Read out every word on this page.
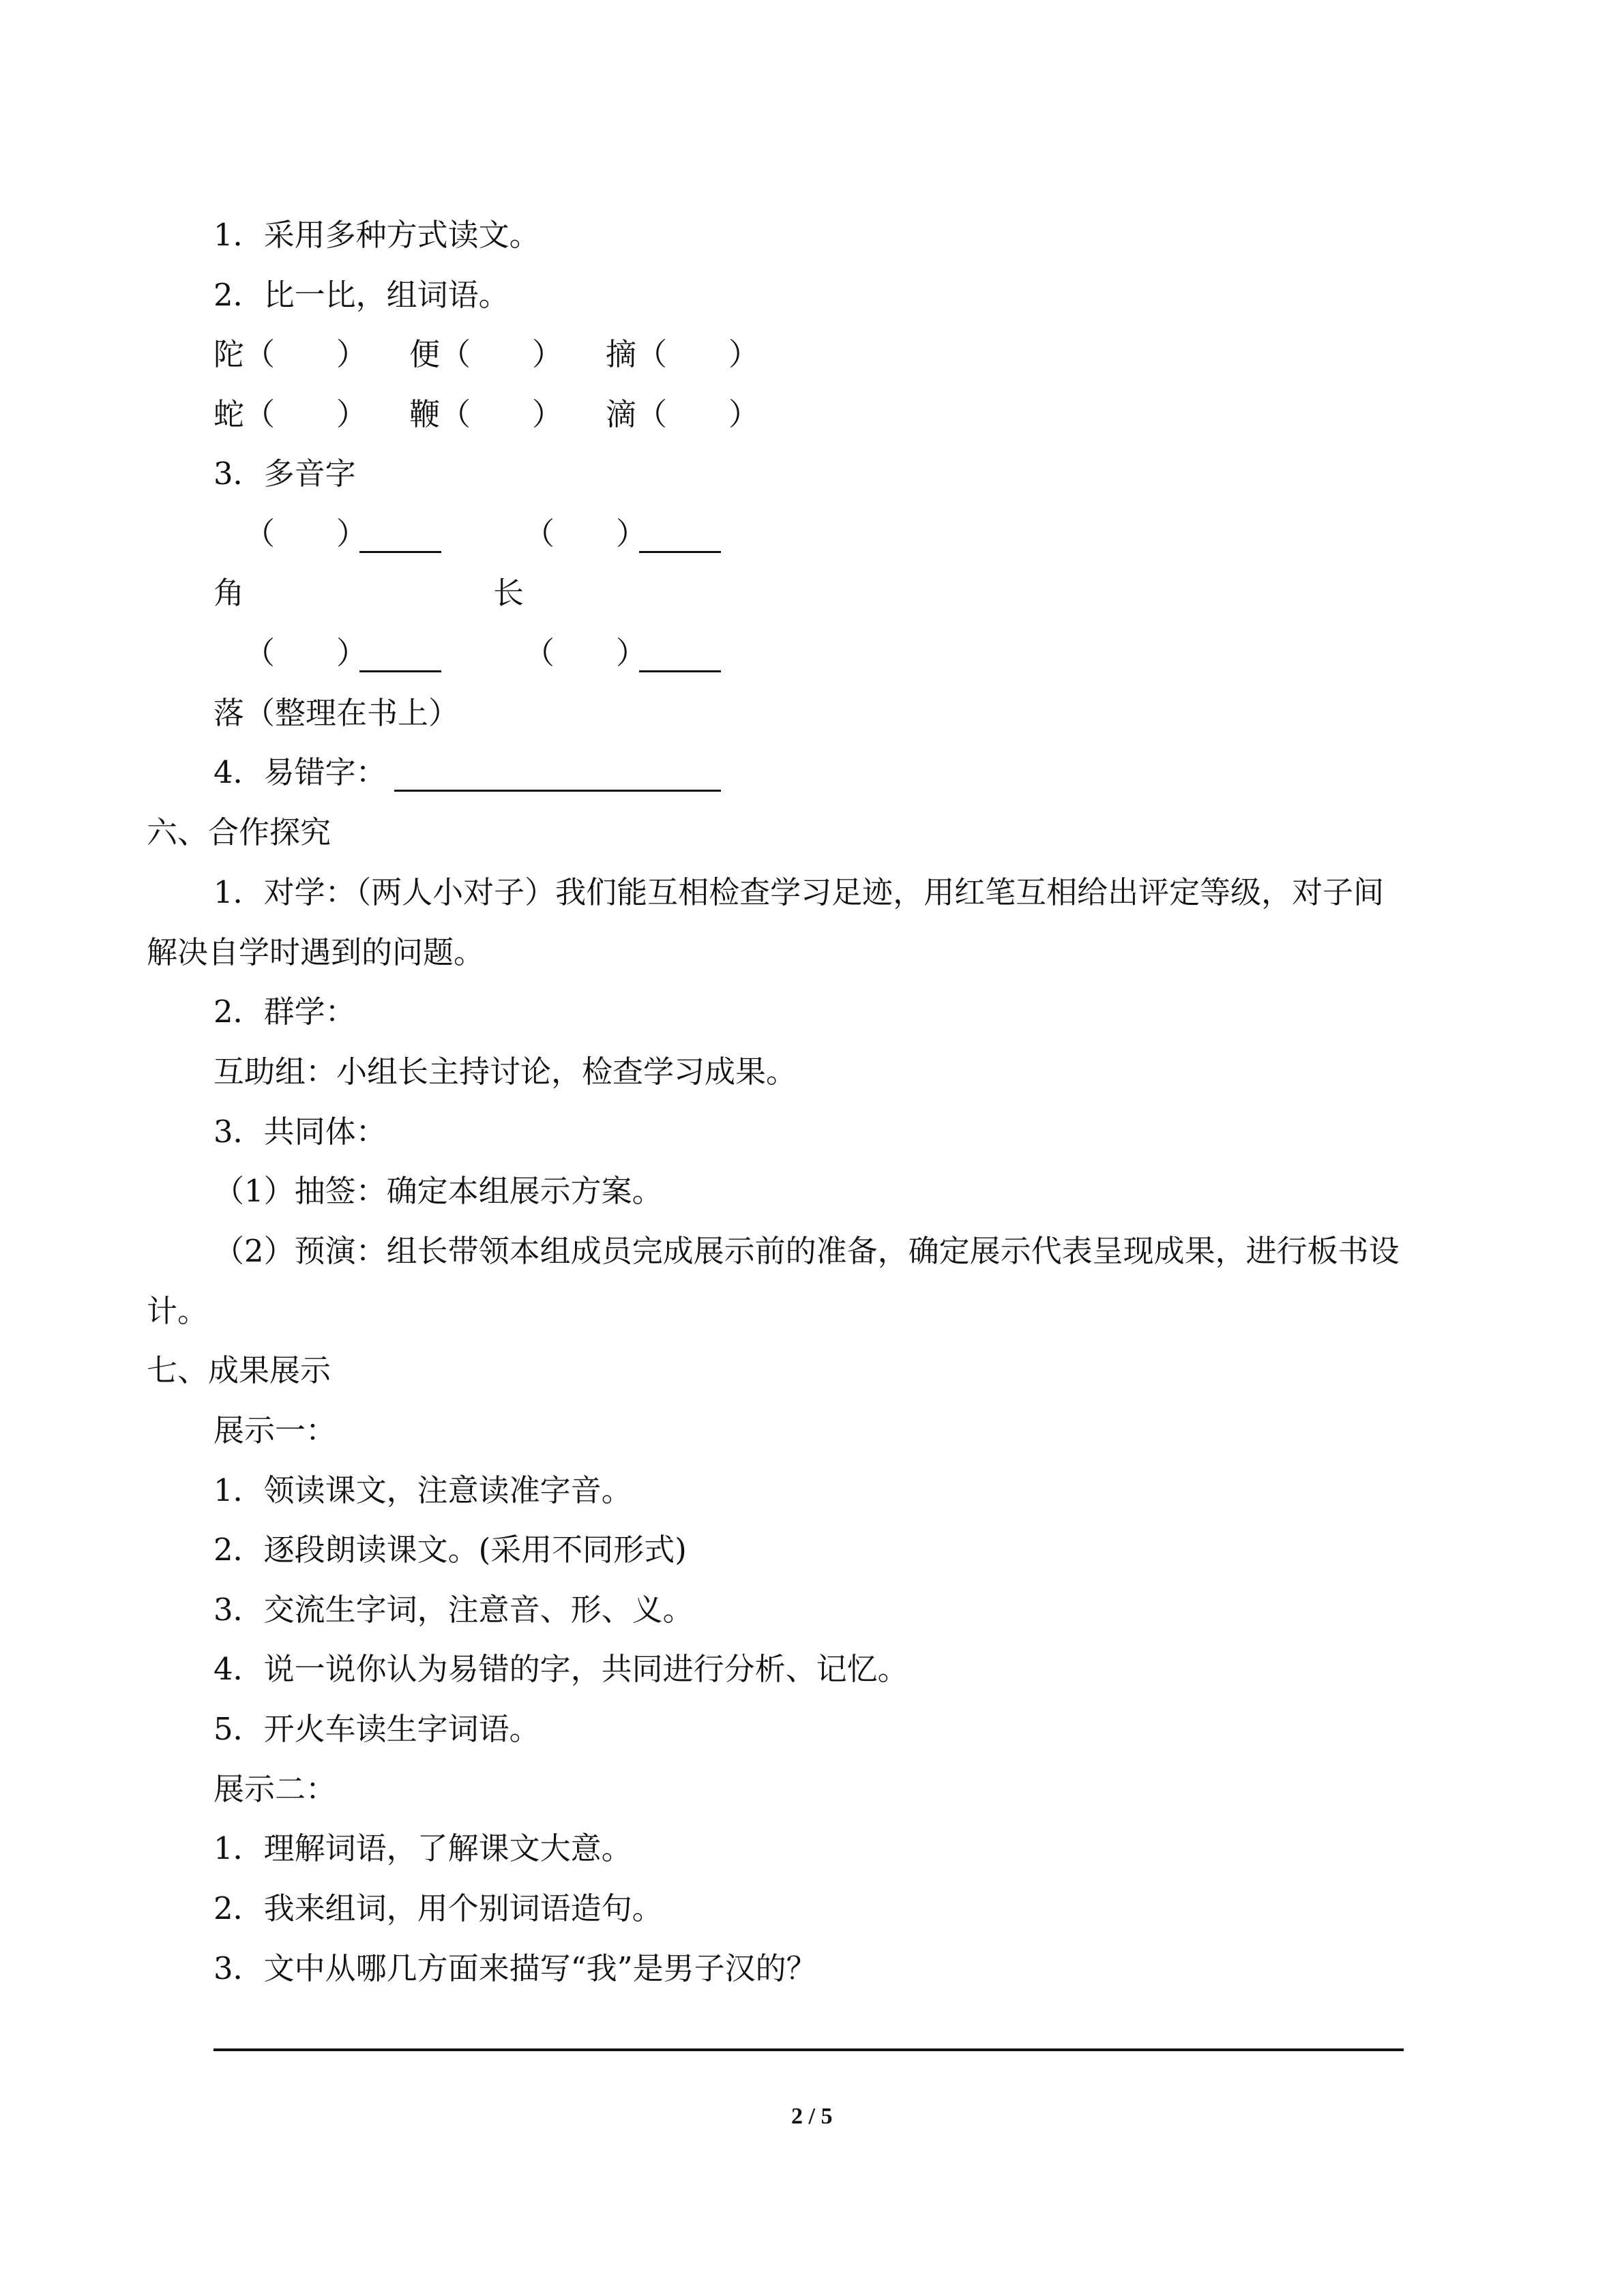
1．采用多种方式读文。
2．比一比，组词语。
陀 （　　） 便 （　　） 摘 （　　）
蛇 （　　） 鞭 （　　） 滴 （　　）
3．多音字
（　　）	（　　）
角	长
（　　）	（　　）
落（整理在书上）
4．易错字：
六、合作探究
1．对学：（两人小对子）我们能互相检查学习足迹，用红笔互相给出评定等级，对子间
解决自学时遇到的问题。
2．群学：
互助组：小组长主持讨论，检查学习成果。
3．共同体：
（1）抽签：确定本组展示方案。
（2）预演：组长带领本组成员完成展示前的准备，确定展示代表呈现成果，进行板书设
计。
七、成果展示
展示一：
1．领读课文，注意读准字音。
2．逐段朗读课文。(采用不同形式)
3．交流生字词，注意音、形、义。
4．说一说你认为易错的字，共同进行分析、记忆。
5．开火车读生字词语。
展示二：
1．理解词语，了解课文大意。
2．我来组词，用个别词语造句。
3．文中从哪几方面来描写“我”是男子汉的？
2 / 5
